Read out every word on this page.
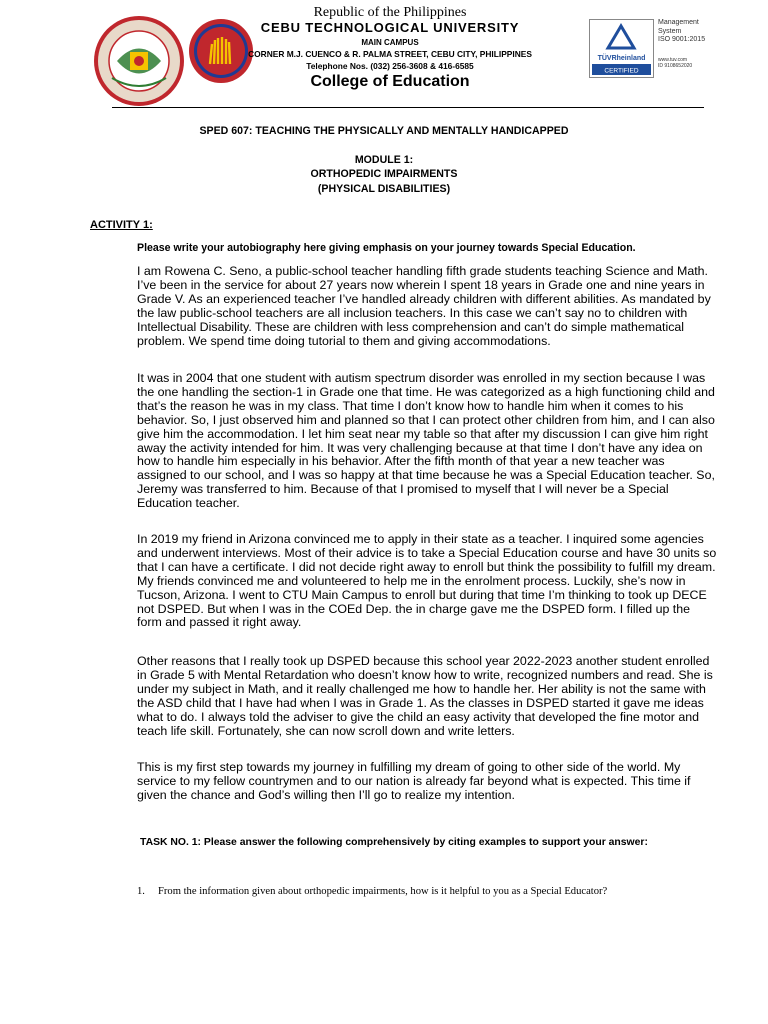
Republic of the Philippines
CEBU TECHNOLOGICAL UNIVERSITY
MAIN CAMPUS
CORNER M.J. CUENCO & R. PALMA STREET, CEBU CITY, PHILIPPINES
Telephone Nos. (032) 256-3608 & 416-6585
College of Education
TÜVRheinland
CERTIFIED
Management
System
ISO 9001:2015
www.tuv.com
ID 9108652020
SPED 607: TEACHING THE PHYSICALLY AND MENTALLY HANDICAPPED
MODULE 1:
ORTHOPEDIC IMPAIRMENTS
(PHYSICAL DISABILITIES)
ACTIVITY 1:
Please write your autobiography here giving emphasis on your journey towards Special Education.

I am Rowena C. Seno, a public-school teacher handling fifth grade students teaching Science and Math. I’ve been in the service for about 27 years now wherein I spent 18 years in Grade one and nine years in Grade V. As an experienced teacher I’ve handled already children with different abilities. As mandated by the law public-school teachers are all inclusion teachers. In this case we can’t say no to children with Intellectual Disability. These are children with less comprehension and can’t do simple mathematical problem. We spend time doing tutorial to them and giving accommodations.

It was in 2004 that one student with autism spectrum disorder was enrolled in my section because I was the one handling the section-1 in Grade one that time. He was categorized as a high functioning child and that’s the reason he was in my class. That time I don’t know how to handle him when it comes to his behavior. So, I just observed him and planned so that I can protect other children from him, and I can also give him the accommodation. I let him seat near my table so that after my discussion I can give him right away the activity intended for him. It was very challenging because at that time I don’t have any idea on how to handle him especially in his behavior. After the fifth month of that year a new teacher was assigned to our school, and I was so happy at that time because he was a Special Education teacher. So, Jeremy was transferred to him. Because of that I promised to myself that I will never be a Special Education teacher.

In 2019 my friend in Arizona convinced me to apply in their state as a teacher. I inquired some agencies and underwent interviews. Most of their advice is to take a Special Education course and have 30 units so that I can have a certificate. I did not decide right away to enroll but think the possibility to fulfill my dream. My friends convinced me and volunteered to help me in the enrolment process. Luckily, she’s now in Tucson, Arizona. I went to CTU Main Campus to enroll but during that time I’m thinking to took up DECE not DSPED. But when I was in the COEd Dep. the in charge gave me the DSPED form. I filled up the form and passed it right away.

Other reasons that I really took up DSPED because this school year 2022-2023 another student enrolled in Grade 5 with Mental Retardation who doesn’t know how to write, recognized numbers and read. She is under my subject in Math, and it really challenged me how to handle her. Her ability is not the same with the ASD child that I have had when I was in Grade 1. As the classes in DSPED started it gave me ideas what to do. I always told the adviser to give the child an easy activity that developed the fine motor and teach life skill. Fortunately, she can now scroll down and write letters.

This is my first step towards my journey in fulfilling my dream of going to other side of the world. My service to my fellow countrymen and to our nation is already far beyond what is expected. This time if given the chance and God’s willing then I’ll go to realize my intention.

TASK NO. 1: Please answer the following comprehensively by citing examples to support your answer:
1. From the information given about orthopedic impairments, how is it helpful to you as a Special Educator?
